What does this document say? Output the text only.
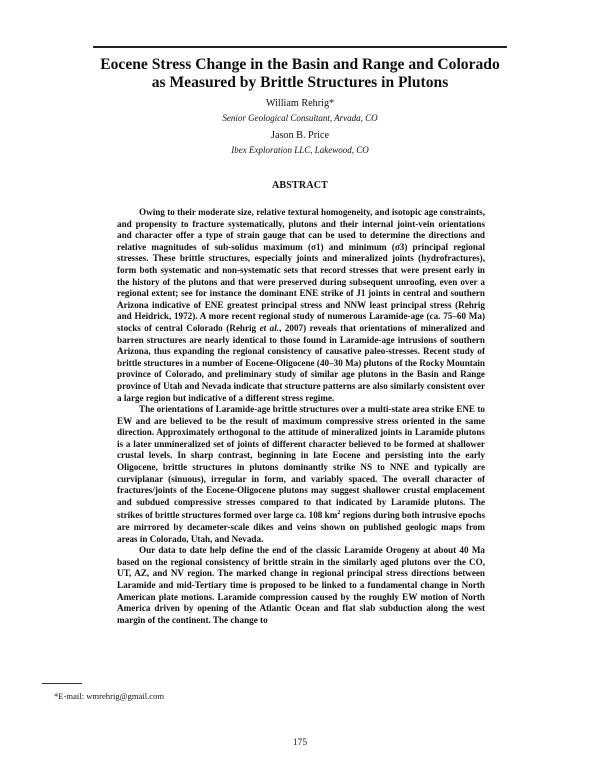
Eocene Stress Change in the Basin and Range and Colorado
as Measured by Brittle Structures in Plutons
William Rehrig*
Senior Geological Consultant, Arvada, CO
Jason B. Price
Ibex Exploration LLC, Lakewood, CO
ABSTRACT

Owing to their moderate size, relative textural homogeneity, and isotopic age constraints, and propensity to fracture systematically, plutons and their internal joint-vein orientations and character offer a type of strain gauge that can be used to determine the directions and relative magnitudes of sub-solidus maximum (σ1) and minimum (σ3) principal regional stresses. These brittle structures, especially joints and mineralized joints (hydrofractures), form both systematic and non-systematic sets that record stresses that were present early in the history of the plutons and that were preserved during subsequent unroofing, even over a regional extent; see for instance the dominant ENE strike of J1 joints in central and southern Arizona indicative of ENE greatest principal stress and NNW least principal stress (Rehrig and Heidrick, 1972). A more recent regional study of numerous Laramide-age (ca. 75–60 Ma) stocks of central Colorado (Rehrig et al., 2007) reveals that orientations of mineralized and barren structures are nearly identical to those found in Laramide-age intrusions of southern Arizona, thus expanding the regional consistency of causative paleo-stresses. Recent study of brittle structures in a number of Eocene-Oligocene (40–30 Ma) plutons of the Rocky Mountain province of Colorado, and preliminary study of similar age plutons in the Basin and Range province of Utah and Nevada indicate that structure patterns are also similarly consistent over a large region but indicative of a different stress regime.

The orientations of Laramide-age brittle structures over a multi-state area strike ENE to EW and are believed to be the result of maximum compressive stress oriented in the same direction. Approximately orthogonal to the attitude of mineralized joints in Laramide plutons is a later unmineralized set of joints of different character believed to be formed at shallower crustal levels. In sharp contrast, beginning in late Eocene and persisting into the early Oligocene, brittle structures in plutons dominantly strike NS to NNE and typically are curviplanar (sinuous), irregular in form, and variably spaced. The overall character of fractures/joints of the Eocene-Oligocene plutons may suggest shallower crustal emplacement and subdued compressive stresses compared to that indicated by Laramide plutons. The strikes of brittle structures formed over large ca. 108 $km^2$ regions during both intrusive epochs are mirrored by decameter-scale dikes and veins shown on published geologic maps from areas in Colorado, Utah, and Nevada.

Our data to date help define the end of the classic Laramide Orogeny at about 40 Ma based on the regional consistency of brittle strain in the similarly aged plutons over the CO, UT, AZ, and NV region. The marked change in regional principal stress directions between Laramide and mid-Tertiary time is proposed to be linked to a fundamental change in North American plate motions. Laramide compression caused by the roughly EW motion of North America driven by opening of the Atlantic Ocean and flat slab subduction along the west margin of the continent. The change to

*E-mail: wmrehrig@gmail.com
175
